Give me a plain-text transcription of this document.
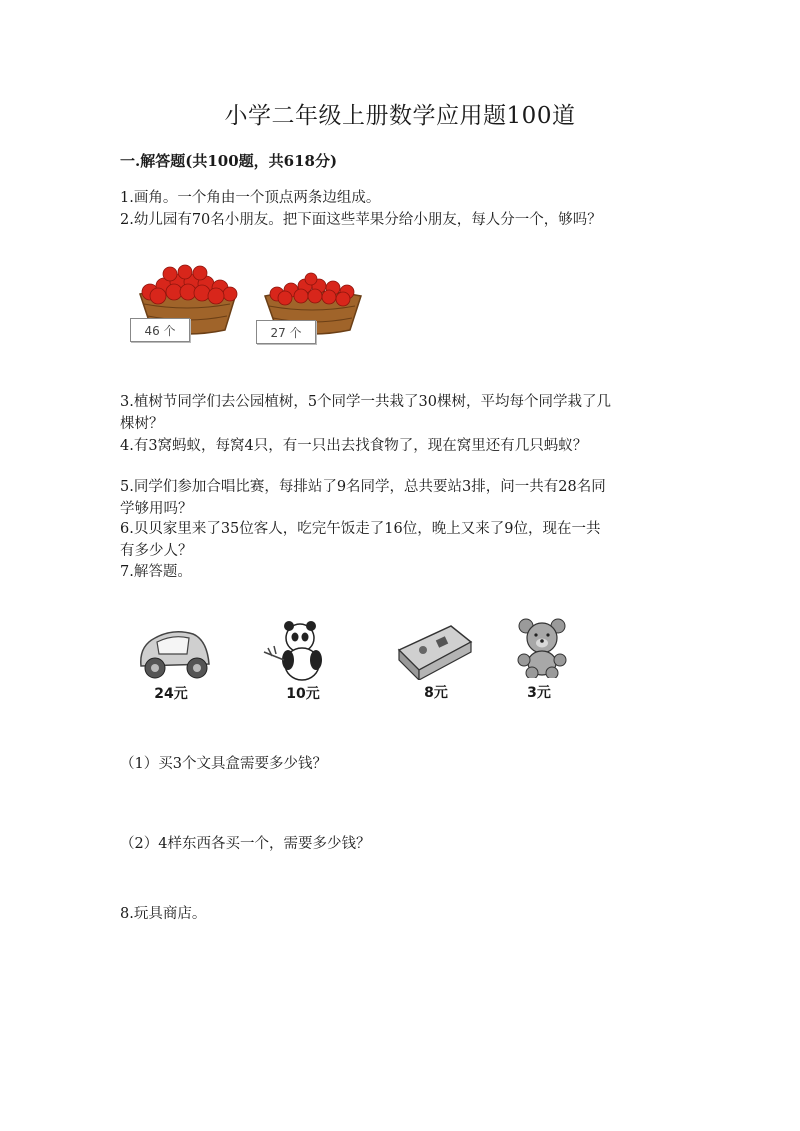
小学二年级上册数学应用题100道
一.解答题(共100题，共618分)
1.画角。一个角由一个顶点两条边组成。
2.幼儿园有70名小朋友。把下面这些苹果分给小朋友，每人分一个，够吗？
46 个	27 个
3.植树节同学们去公园植树，5个同学一共栽了30棵树，平均每个同学栽了几
棵树？
4.有3窝蚂蚁，每窝4只，有一只出去找食物了，现在窝里还有几只蚂蚁？
5.同学们参加合唱比赛，每排站了9名同学，总共要站3排，问一共有28名同
学够用吗？
6.贝贝家里来了35位客人，吃完午饭走了16位，晚上又来了9位，现在一共
有多少人？
7.解答题。
24元	10元	8元	3元
（1）买3个文具盒需要多少钱？
（2）4样东西各买一个，需要多少钱？
8.玩具商店。
